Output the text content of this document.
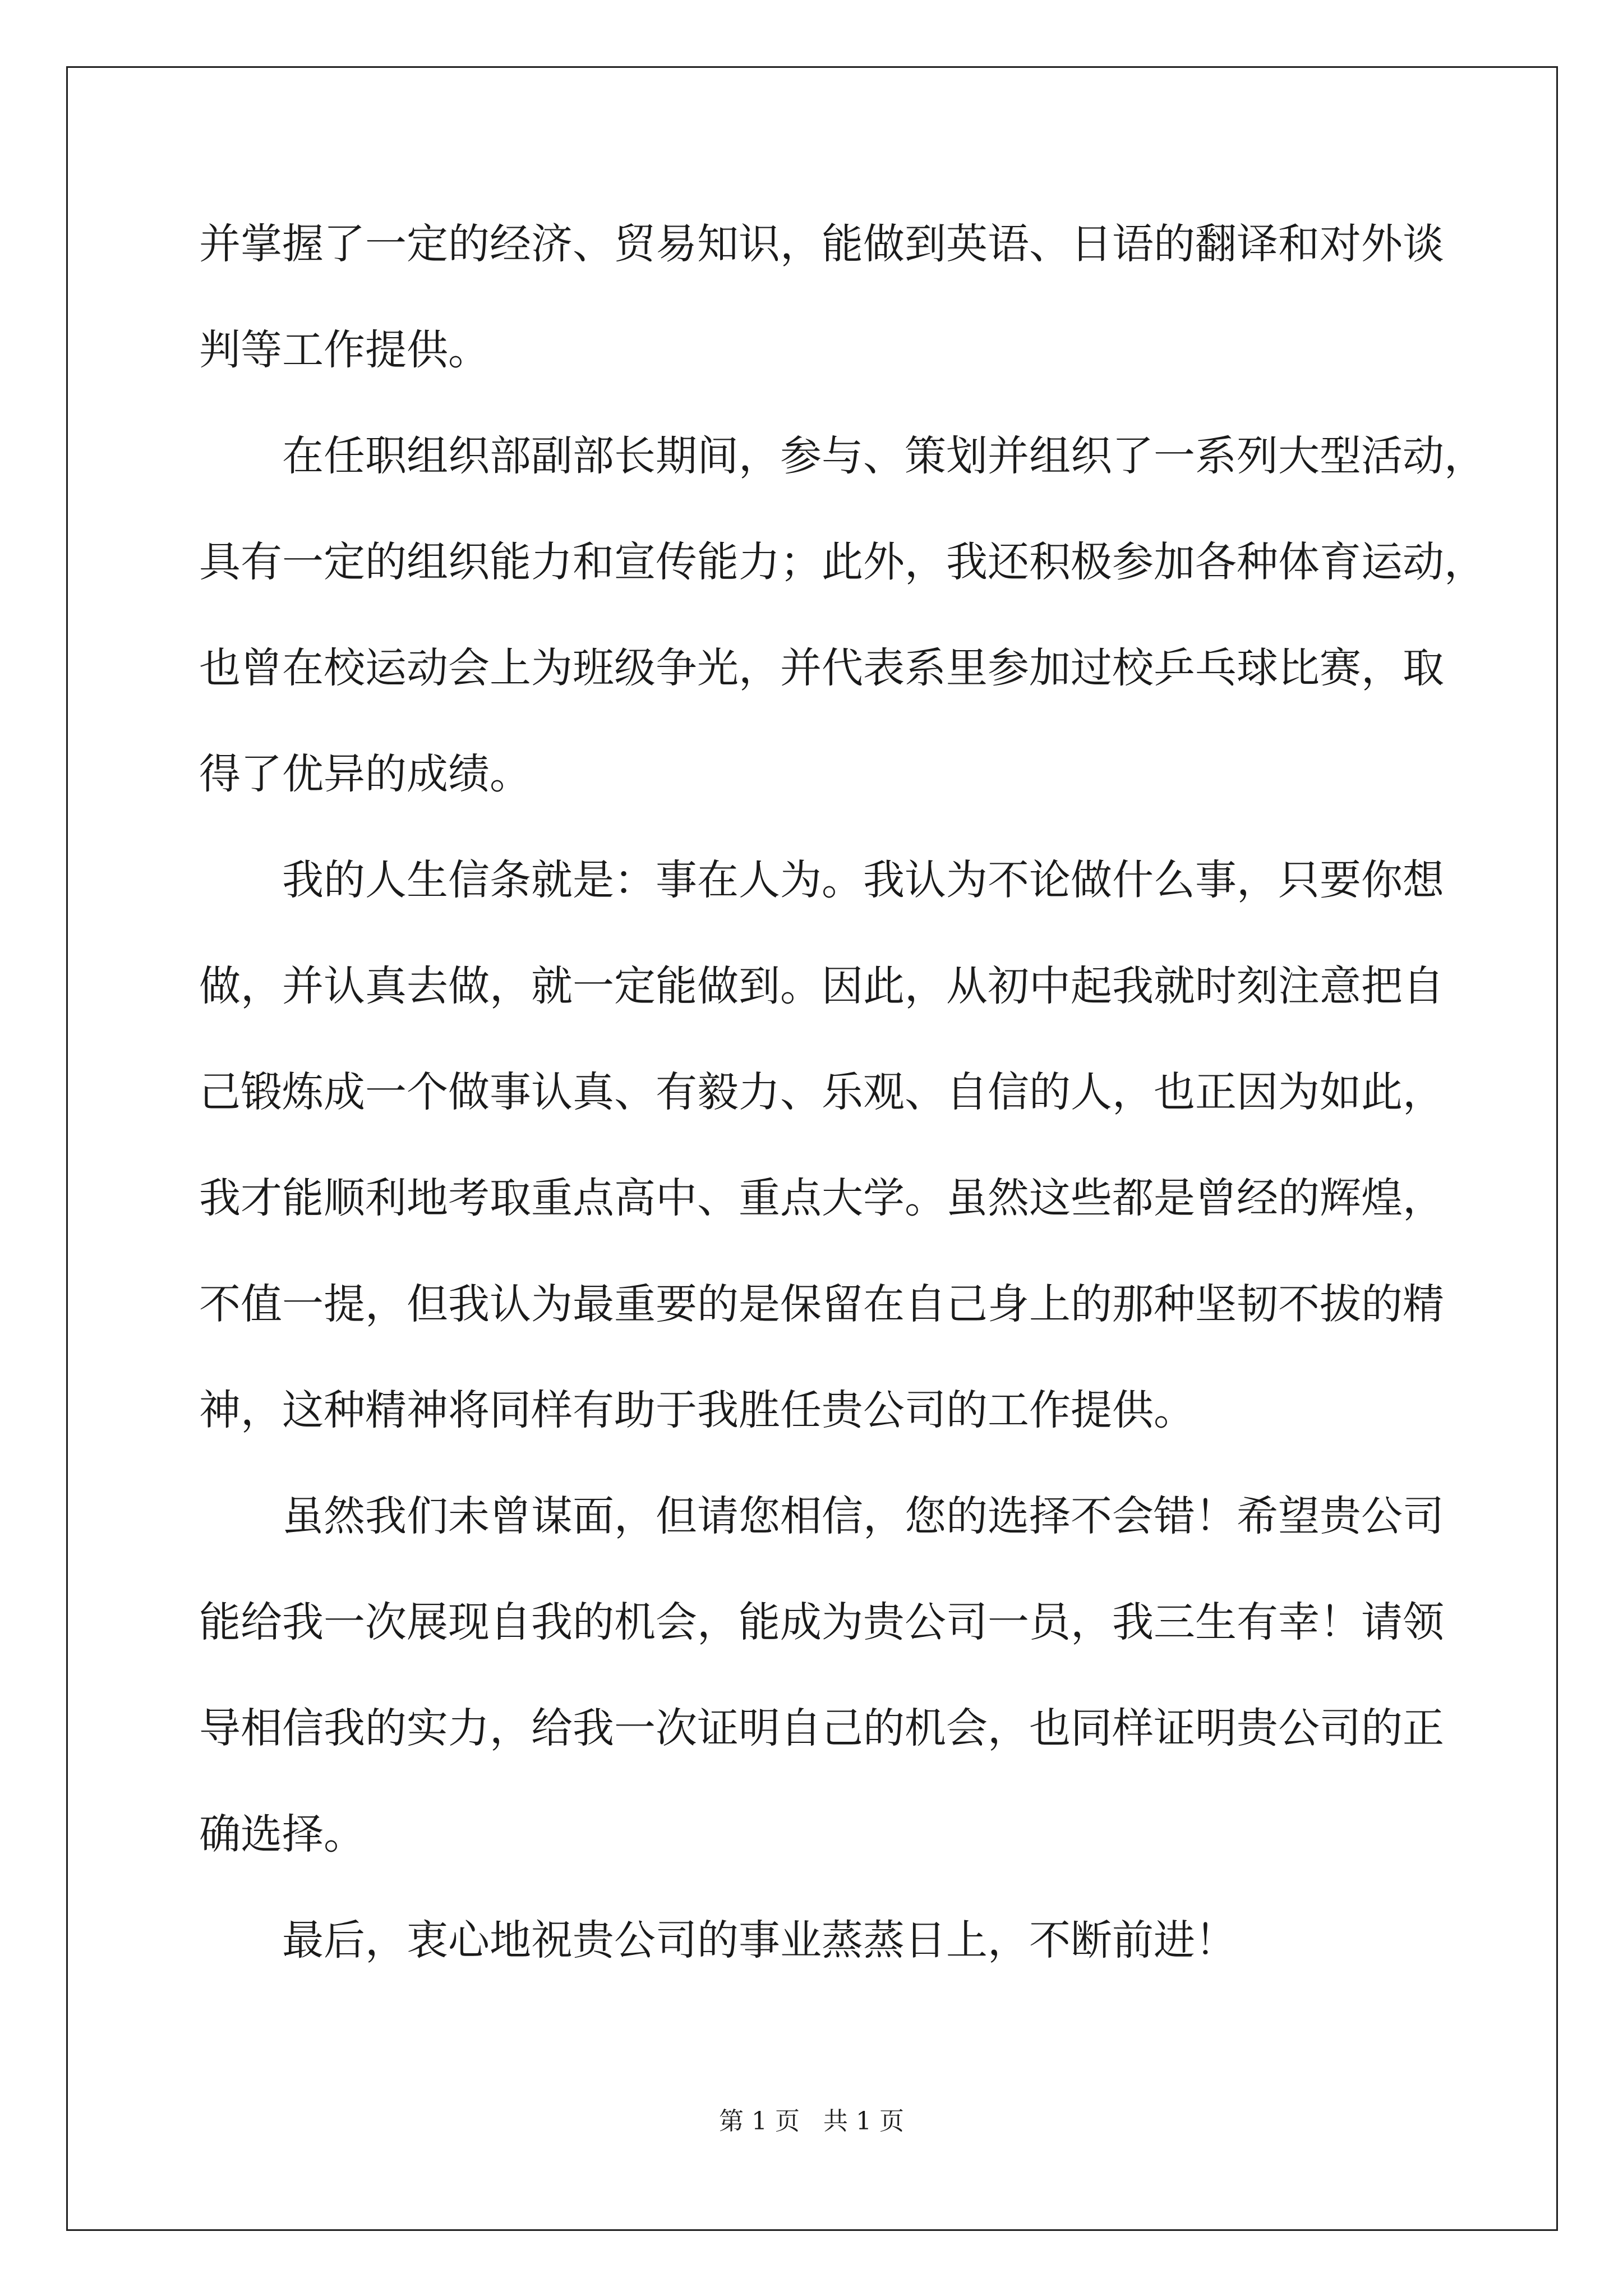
并掌握了一定的经济、贸易知识，能做到英语、日语的翻译和对外谈
判等工作提供。
在任职组织部副部长期间，参与、策划并组织了一系列大型活动，
具有一定的组织能力和宣传能力；此外，我还积极参加各种体育运动，
也曾在校运动会上为班级争光，并代表系里参加过校乒乓球比赛，取
得了优异的成绩。
我的人生信条就是：事在人为。我认为不论做什么事，只要你想
做，并认真去做，就一定能做到。因此，从初中起我就时刻注意把自
己锻炼成一个做事认真、有毅力、乐观、自信的人，也正因为如此，
我才能顺利地考取重点高中、重点大学。虽然这些都是曾经的辉煌，
不值一提，但我认为最重要的是保留在自己身上的那种坚韧不拔的精
神，这种精神将同样有助于我胜任贵公司的工作提供。
虽然我们未曾谋面，但请您相信，您的选择不会错！希望贵公司
能给我一次展现自我的机会，能成为贵公司一员，我三生有幸！请领
导相信我的实力，给我一次证明自己的机会，也同样证明贵公司的正
确选择。
最后，衷心地祝贵公司的事业蒸蒸日上，不断前进！
第 1 页   共 1 页
